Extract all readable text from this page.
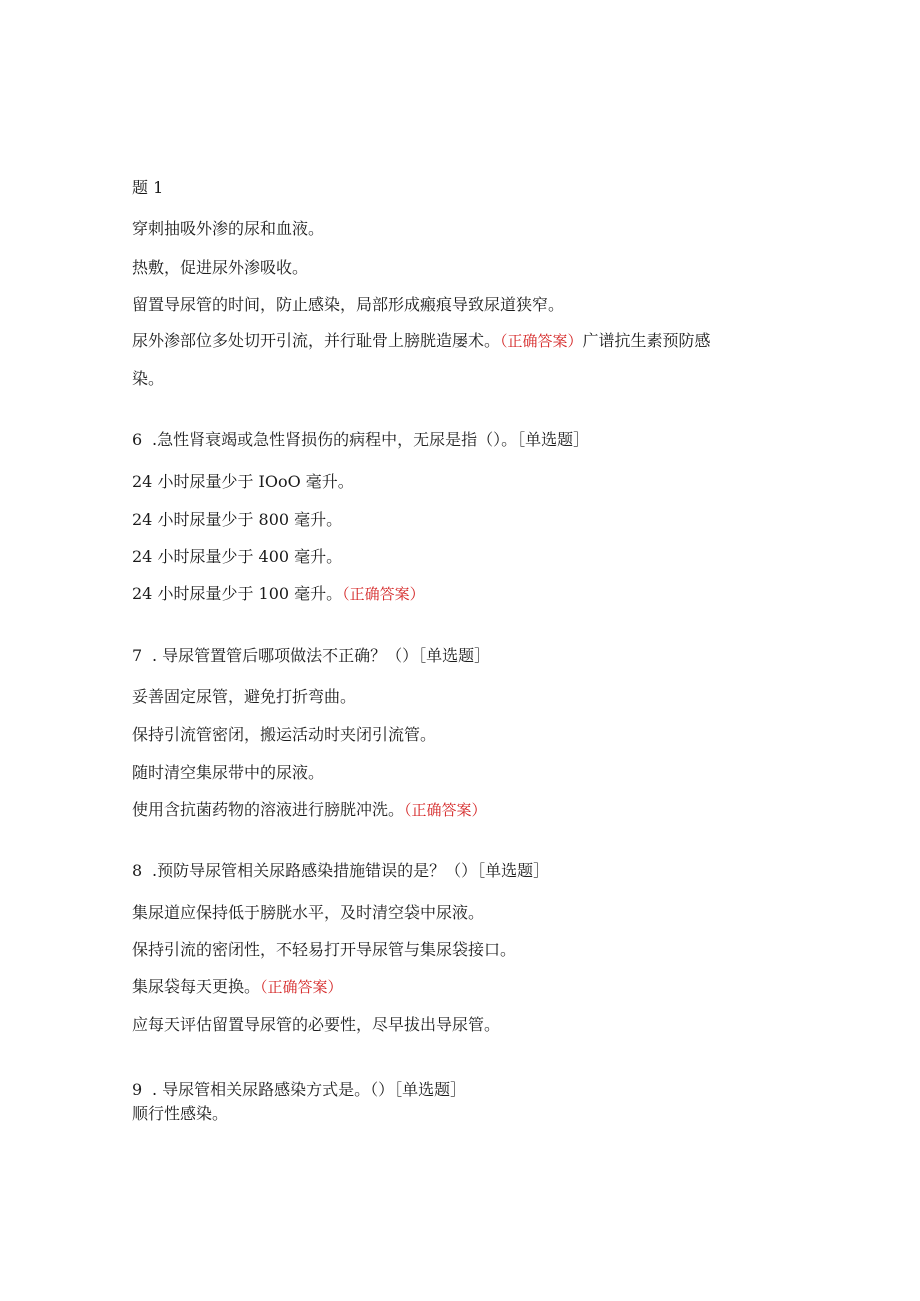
题 1
穿刺抽吸外渗的尿和血液。
热敷，促进尿外渗吸收。
留置导尿管的时间，防止感染，局部形成瘢痕导致尿道狭窄。
尿外渗部位多处切开引流，并行耻骨上膀胱造屡术。（正确答案）广谱抗生素预防感
染。
6 .急性肾衰竭或急性肾损伤的病程中，无尿是指（）。［单选题］
24 小时尿量少于 IOoO 毫升。
24 小时尿量少于 800 毫升。
24 小时尿量少于 400 毫升。
24 小时尿量少于 100 毫升。（正确答案）
7 . 导尿管置管后哪项做法不正确？（）［单选题］
妥善固定尿管，避免打折弯曲。
保持引流管密闭，搬运活动时夹闭引流管。
随时清空集尿带中的尿液。
使用含抗菌药物的溶液进行膀胱冲洗。（正确答案）
8 .预防导尿管相关尿路感染措施错误的是？（）［单选题］
集尿道应保持低于膀胱水平，及时清空袋中尿液。
保持引流的密闭性，不轻易打开导尿管与集尿袋接口。
集尿袋每天更换。（正确答案）
应每天评估留置导尿管的必要性，尽早拔出导尿管。
9 . 导尿管相关尿路感染方式是。（）［单选题］
顺行性感染。
